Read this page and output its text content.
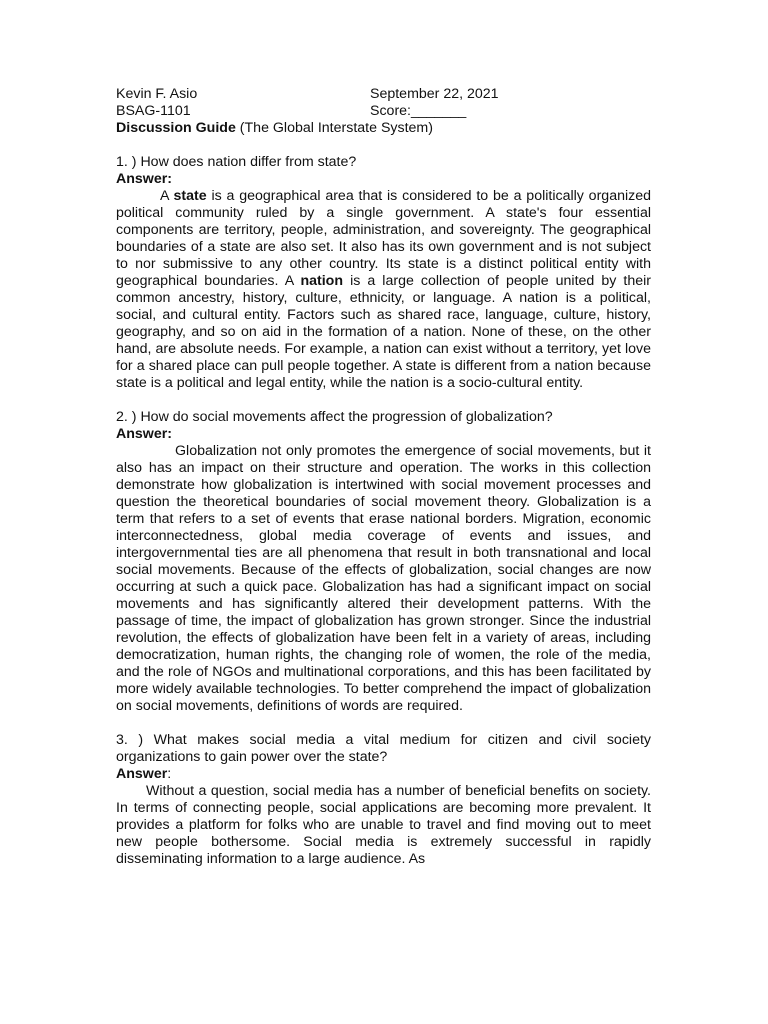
Kevin F. Asio	September 22, 2021
BSAG-1101	Score:_______
Discussion Guide (The Global Interstate System)

1. ) How does nation differ from state?

Answer:

A state is a geographical area that is considered to be a politically organized political community ruled by a single government. A state's four essential components are territory, people, administration, and sovereignty. The geographical boundaries of a state are also set. It also has its own government and is not subject to nor submissive to any other country. Its state is a distinct political entity with geographical boundaries. A nation is a large collection of people united by their common ancestry, history, culture, ethnicity, or language. A nation is a political, social, and cultural entity. Factors such as shared race, language, culture, history, geography, and so on aid in the formation of a nation. None of these, on the other hand, are absolute needs. For example, a nation can exist without a territory, yet love for a shared place can pull people together. A state is different from a nation because state is a political and legal entity, while the nation is a socio-cultural entity.

2. ) How do social movements affect the progression of globalization?

Answer:

Globalization not only promotes the emergence of social movements, but it also has an impact on their structure and operation. The works in this collection demonstrate how globalization is intertwined with social movement processes and question the theoretical boundaries of social movement theory. Globalization is a term that refers to a set of events that erase national borders. Migration, economic interconnectedness, global media coverage of events and issues, and intergovernmental ties are all phenomena that result in both transnational and local social movements. Because of the effects of globalization, social changes are now occurring at such a quick pace. Globalization has had a significant impact on social movements and has significantly altered their development patterns. With the passage of time, the impact of globalization has grown stronger. Since the industrial revolution, the effects of globalization have been felt in a variety of areas, including democratization, human rights, the changing role of women, the role of the media, and the role of NGOs and multinational corporations, and this has been facilitated by more widely available technologies. To better comprehend the impact of globalization on social movements, definitions of words are required.

3. ) What makes social media a vital medium for citizen and civil society organizations to gain power over the state?

Answer:

Without a question, social media has a number of beneficial benefits on society. In terms of connecting people, social applications are becoming more prevalent. It provides a platform for folks who are unable to travel and find moving out to meet new people bothersome. Social media is extremely successful in rapidly disseminating information to a large audience. As
